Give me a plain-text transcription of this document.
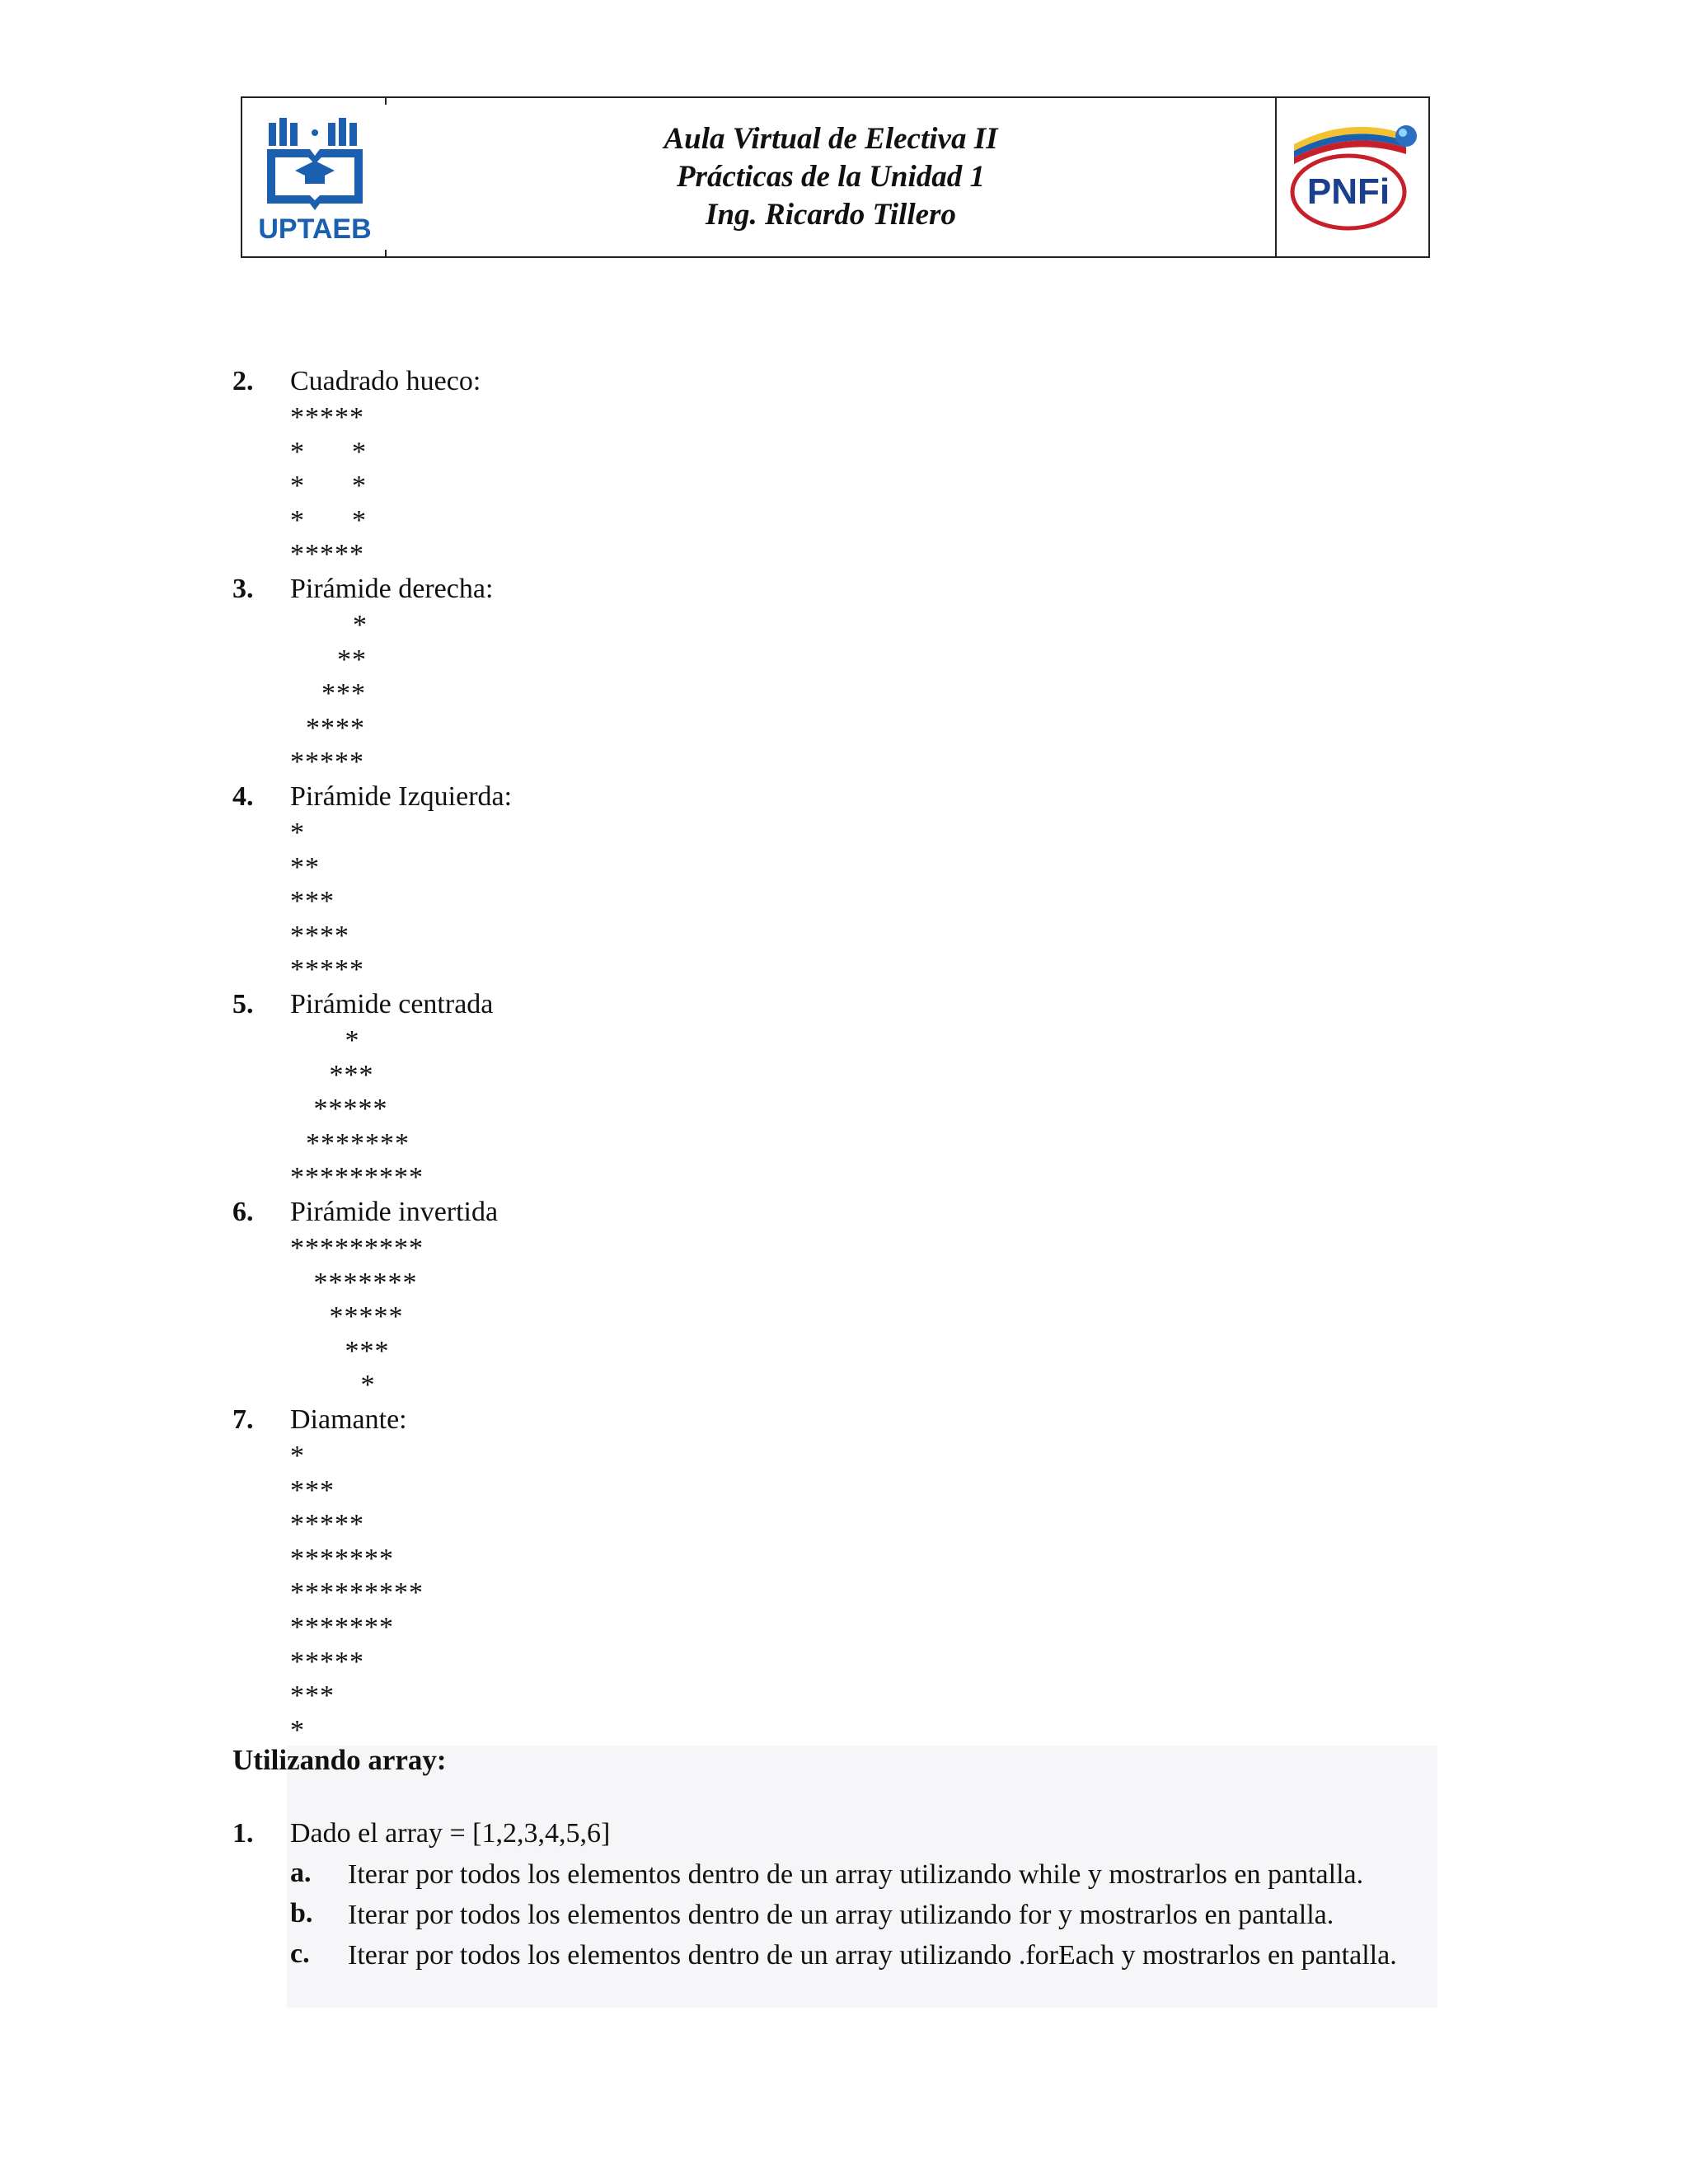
UPTAEB
Aula Virtual de Electiva II
Prácticas de la Unidad 1
Ing. Ricardo Tillero
PNFi
2. Cuadrado hueco:
*****
*      *
*      *
*      *
*****
3. Pirámide derecha:
*
**
***
****
*****
4. Pirámide Izquierda:
*
**
***
****
*****
5. Pirámide centrada
*
***
*****
*******
*********
6. Pirámide invertida
*********
*******
*****
***
*
7. Diamante:
*
***
*****
*******
*********
*******
*****
***
*
Utilizando array:
1. Dado el array = [1,2,3,4,5,6]
a. Iterar por todos los elementos dentro de un array utilizando while y mostrarlos en pantalla.
b. Iterar por todos los elementos dentro de un array utilizando for y mostrarlos en pantalla.
c. Iterar por todos los elementos dentro de un array utilizando .forEach y mostrarlos en pantalla.
